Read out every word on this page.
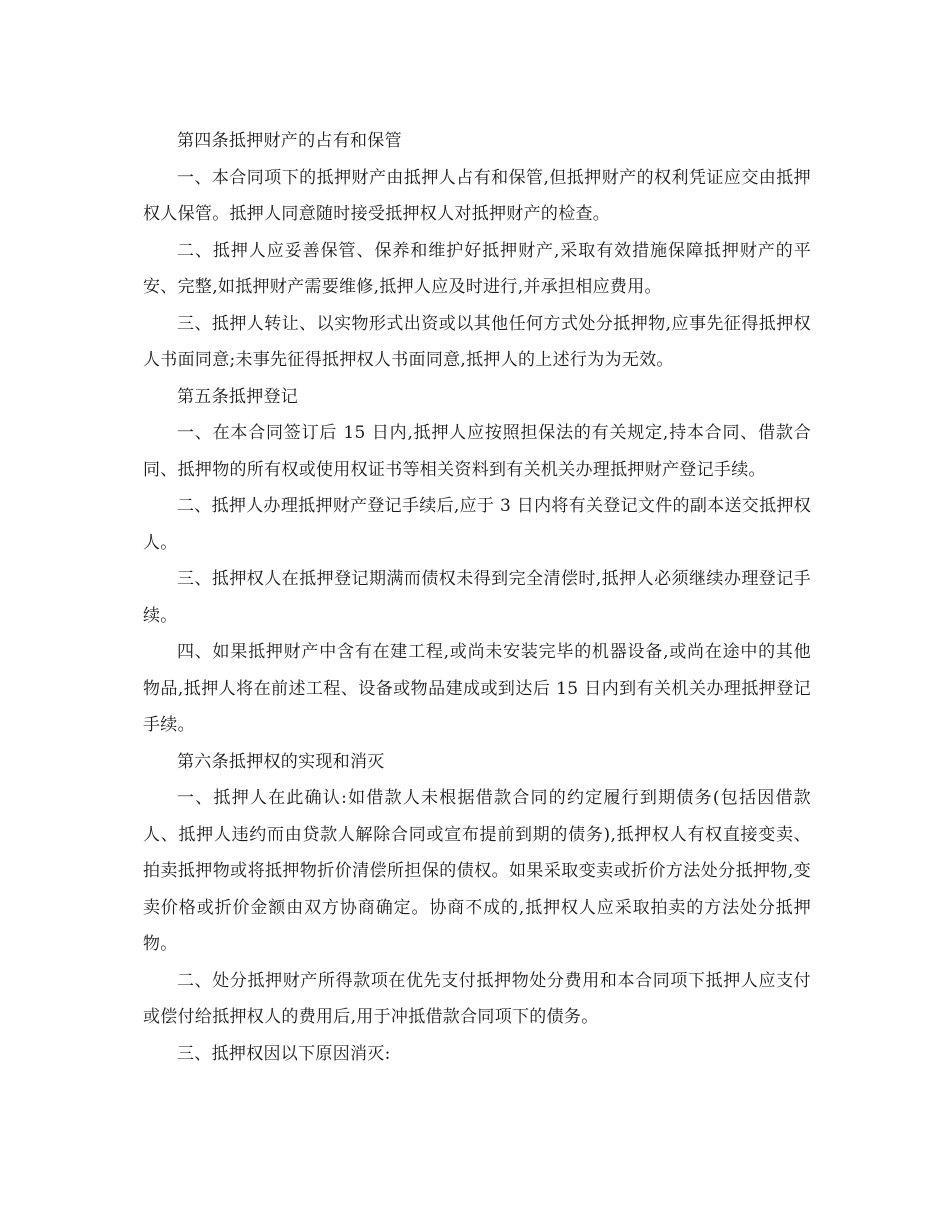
第四条抵押财产的占有和保管

一、本合同项下的抵押财产由抵押人占有和保管,但抵押财产的权利凭证应交由抵押权人保管。抵押人同意随时接受抵押权人对抵押财产的检查。

二、抵押人应妥善保管、保养和维护好抵押财产,采取有效措施保障抵押财产的平安、完整,如抵押财产需要维修,抵押人应及时进行,并承担相应费用。

三、抵押人转让、以实物形式出资或以其他任何方式处分抵押物,应事先征得抵押权人书面同意;未事先征得抵押权人书面同意,抵押人的上述行为为无效。

第五条抵押登记

一、在本合同签订后 15 日内,抵押人应按照担保法的有关规定,持本合同、借款合同、抵押物的所有权或使用权证书等相关资料到有关机关办理抵押财产登记手续。

二、抵押人办理抵押财产登记手续后,应于 3 日内将有关登记文件的副本送交抵押权人。

三、抵押权人在抵押登记期满而债权未得到完全清偿时,抵押人必须继续办理登记手续。

四、如果抵押财产中含有在建工程,或尚未安装完毕的机器设备,或尚在途中的其他物品,抵押人将在前述工程、设备或物品建成或到达后 15 日内到有关机关办理抵押登记手续。

第六条抵押权的实现和消灭

一、抵押人在此确认:如借款人未根据借款合同的约定履行到期债务(包括因借款人、抵押人违约而由贷款人解除合同或宣布提前到期的债务),抵押权人有权直接变卖、拍卖抵押物或将抵押物折价清偿所担保的债权。如果采取变卖或折价方法处分抵押物,变卖价格或折价金额由双方协商确定。协商不成的,抵押权人应采取拍卖的方法处分抵押物。

二、处分抵押财产所得款项在优先支付抵押物处分费用和本合同项下抵押人应支付或偿付给抵押权人的费用后,用于冲抵借款合同项下的债务。

三、抵押权因以下原因消灭:
